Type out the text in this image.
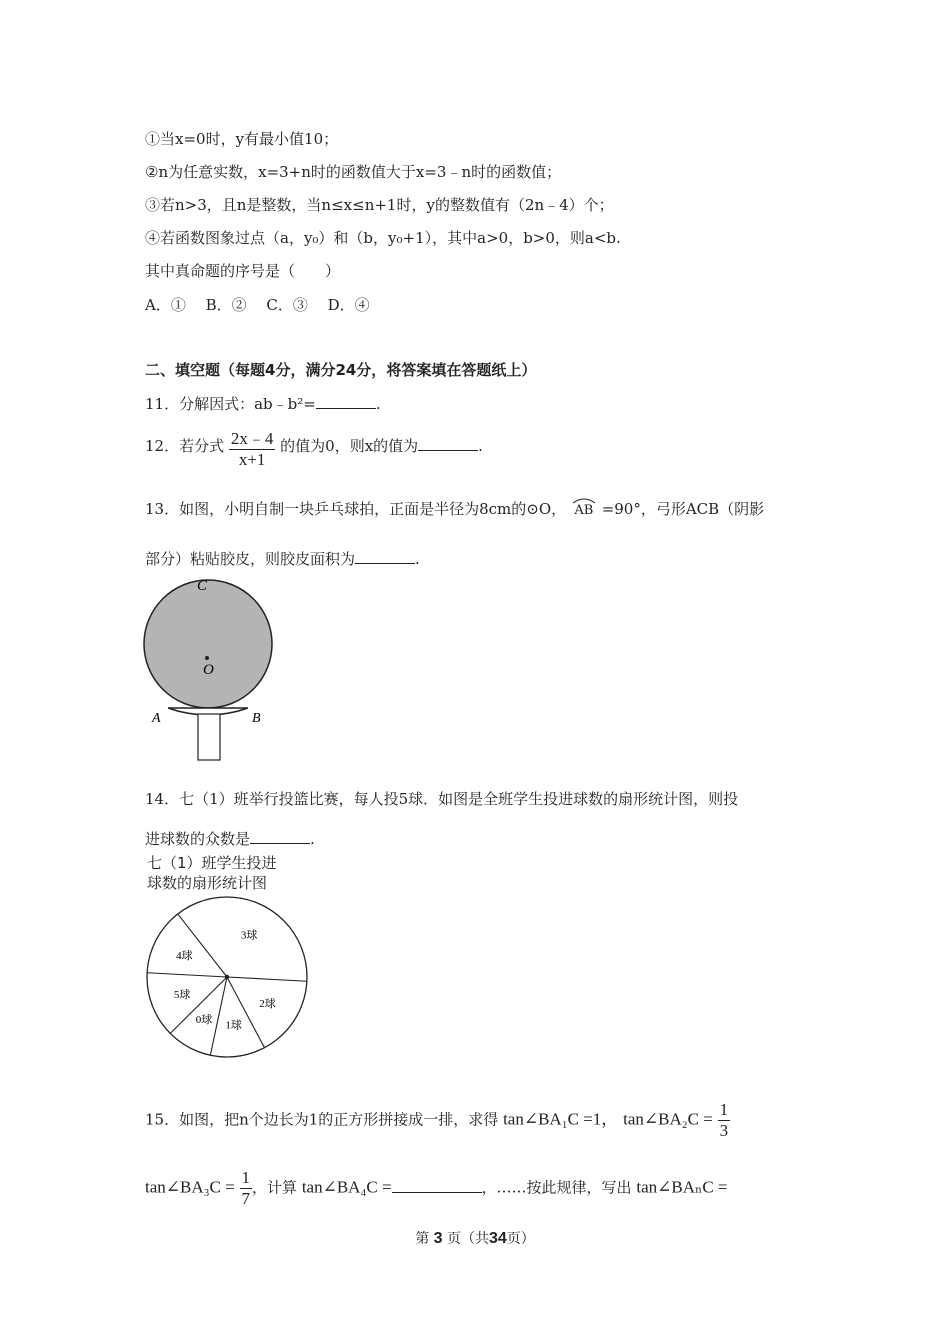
①当x=0时，y有最小值10；
②n为任意实数，x=3+n时的函数值大于x=3﹣n时的函数值；
③若n>3，且n是整数，当n≤x≤n+1时，y的整数值有（2n﹣4）个；
④若函数图象过点（a，y₀）和（b，y₀+1），其中a>0，b>0，则a<b.
其中真命题的序号是（　　）
A．①　 B．②　 C．③　 D．④
二、填空题（每题4分，满分24分，将答案填在答题纸上）
11．分解因式：ab﹣b²=	.
12．若分式 $\frac{2x﹣4}{x+1}$ 的值为0，则x的值为	.
13．如图，小明自制一块乒乓球拍，正面是半径为8cm的⊙O， AB =90°，弓形ACB（阴影
部分）粘贴胶皮，则胶皮面积为	.
C
O
A	B
14．七（1）班举行投篮比赛，每人投5球．如图是全班学生投进球数的扇形统计图，则投
进球数的众数是	.
七（1）班学生投进
球数的扇形统计图
3球
2球
1球
0球
5球
4球
15．如图，把n个边长为1的正方形拼接成一排，求得 tan∠BA₁C =1， tan∠BA₂C = $\frac{1}{3}$
tan∠BA₃C = $\frac{1}{7}$ ，计算 tan∠BA₄C =	，……按此规律，写出 tan∠BAₙC =
第 3 页（共34页）
